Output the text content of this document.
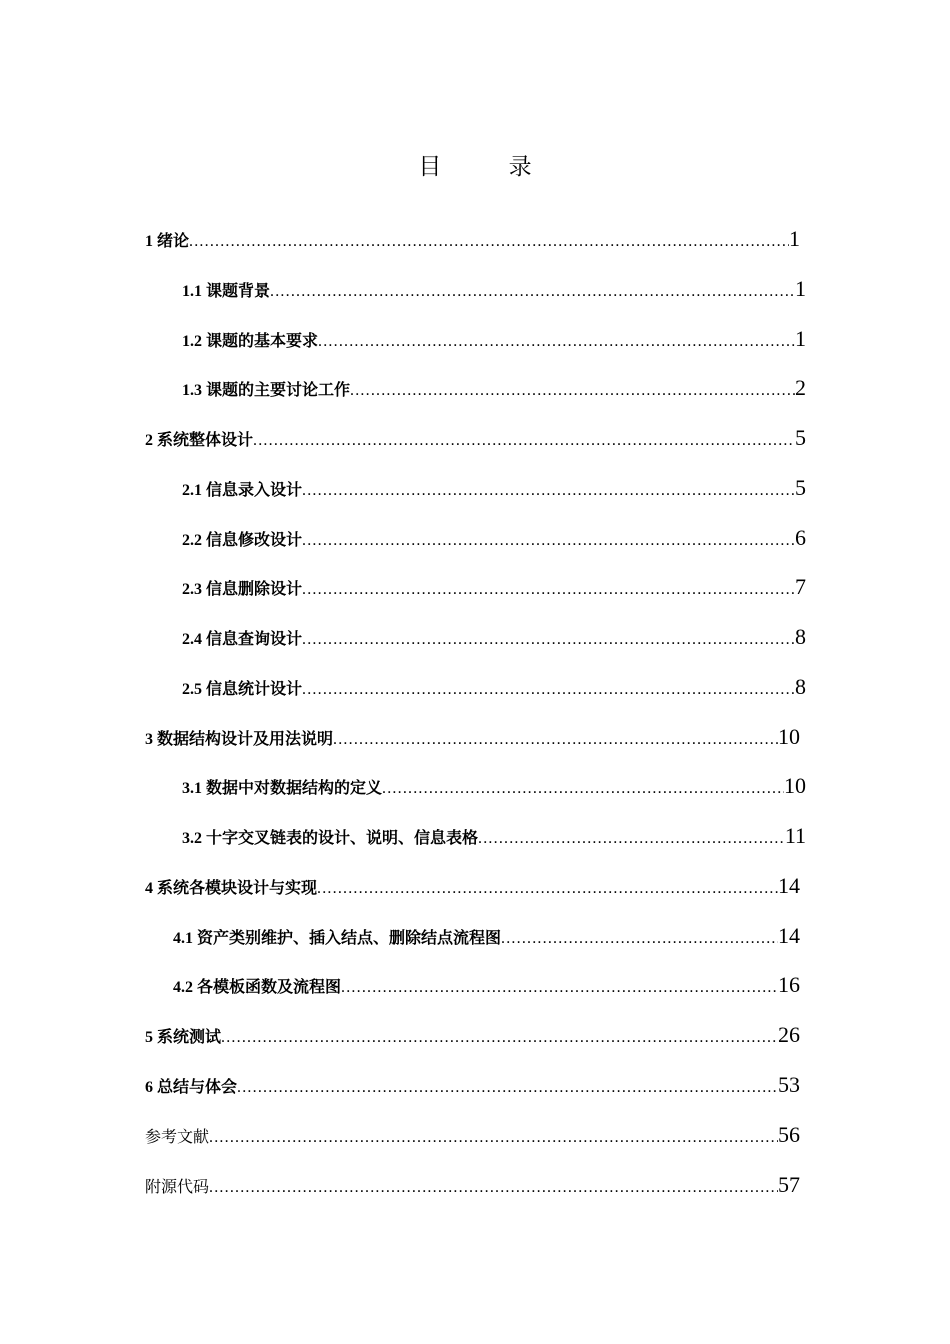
目	录
1 绪论 .....	1
1.1 课题背景 .....	1
1.2 课题的基本要求 .....	1
1.3 课题的主要讨论工作 .....	2
2 系统整体设计 .....	5
2.1 信息录入设计 .....	5
2.2 信息修改设计 .....	6
2.3 信息删除设计 .....	7
2.4 信息查询设计 .....	8
2.5 信息统计设计 .....	8
3 数据结构设计及用法说明 .....	10
3.1 数据中对数据结构的定义 .....	10
3.2 十字交叉链表的设计、说明、信息表格 .....	11
4 系统各模块设计与实现 .....	14
4.1 资产类别维护、插入结点、删除结点流程图 .....	14
4.2 各模板函数及流程图 .....	16
5 系统测试 .....	26
6 总结与体会 .....	53
参考文献 .....	56
附源代码 .....	57
